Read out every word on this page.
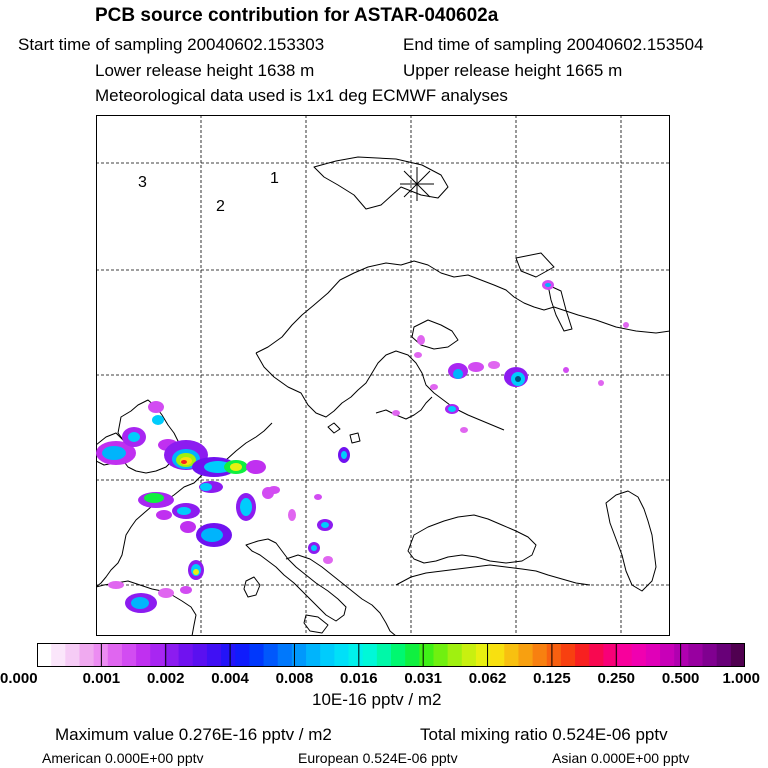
PCB source contribution for ASTAR-040602a
Start time of sampling 20040602.153303	End time of sampling 20040602.153504
Lower release height 1638 m	Upper release height 1665 m
Meteorological data used is 1x1 deg ECMWF analyses
1
2
3
10E-16 pptv / m2
Maximum value 0.276E-16 pptv / m2	Total mixing ratio 0.524E-06 pptv
American 0.000E+00 pptv	European 0.524E-06 pptv	Asian 0.000E+00 pptv
0.000	0.001 0.002 0.004 0.008 0.016 0.031 0.062 0.125 0.250 0.500 1.000
